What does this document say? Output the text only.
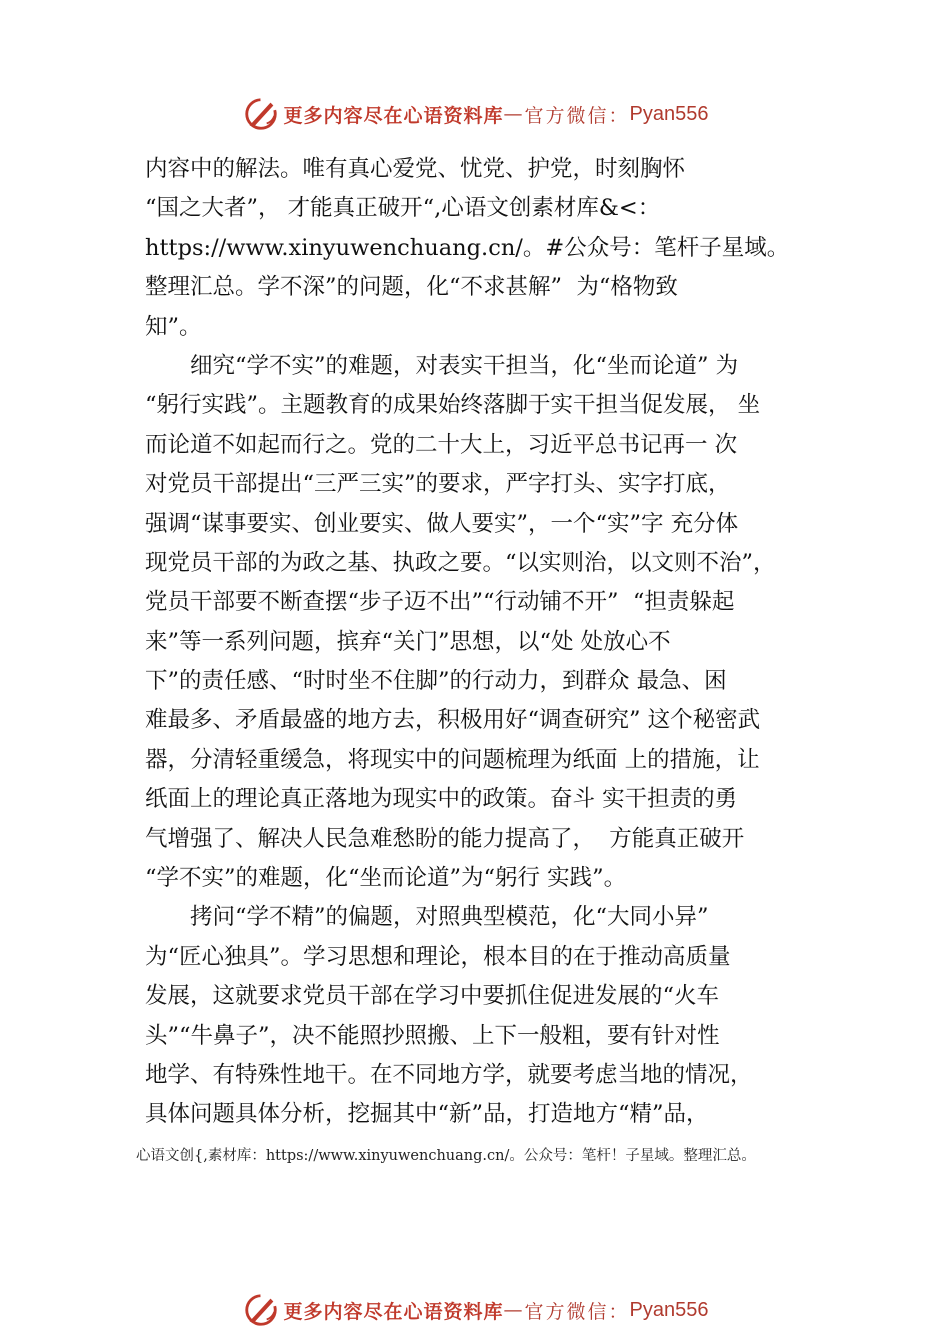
更多内容尽在心语资料库 — 官方微信： Pyan556
内容中的解法。唯有真心爱党、忧党、护党，时刻胸怀
“国之大者”， 才能真正破开“,心语文创素材库&<：
https://www.xinyuwenchuang.cn/。#公众号：笔杆子星域。
整理汇总。学不深”的问题，化“不求甚解”  为“格物致
知”。
细究“学不实”的难题，对表实干担当，化“坐而论道” 为
“躬行实践”。主题教育的成果始终落脚于实干担当促发展， 坐
而论道不如起而行之。党的二十大上，习近平总书记再一 次
对党员干部提出“三严三实”的要求，严字打头、实字打底，
强调“谋事要实、创业要实、做人要实”，一个“实”字 充分体
现党员干部的为政之基、执政之要。“以实则治，以文则不治”，
党员干部要不断查摆“步子迈不出”“行动铺不开”  “担责躲起
来”等一系列问题，摈弃“关门”思想，以“处 处放心不
下”的责任感、“时时坐不住脚”的行动力，到群众 最急、困
难最多、矛盾最盛的地方去，积极用好“调查研究” 这个秘密武
器，分清轻重缓急，将现实中的问题梳理为纸面 上的措施，让
纸面上的理论真正落地为现实中的政策。奋斗 实干担责的勇
气增强了、解决人民急难愁盼的能力提高了，  方能真正破开
“学不实”的难题，化“坐而论道”为“躬行 实践”。
拷问“学不精”的偏题，对照典型模范，化“大同小异”
为“匠心独具”。学习思想和理论，根本目的在于推动高质量
发展，这就要求党员干部在学习中要抓住促进发展的“火车
头”“牛鼻子”，决不能照抄照搬、上下一般粗，要有针对性
地学、有特殊性地干。在不同地方学，就要考虑当地的情况，
具体问题具体分析，挖掘其中“新”品，打造地方“精”品，
心语文创{,素材库：https://www.xinyuwenchuang.cn/。公众号：笔杆！子星域。整理汇总。
更多内容尽在心语资料库 — 官方微信： Pyan556
